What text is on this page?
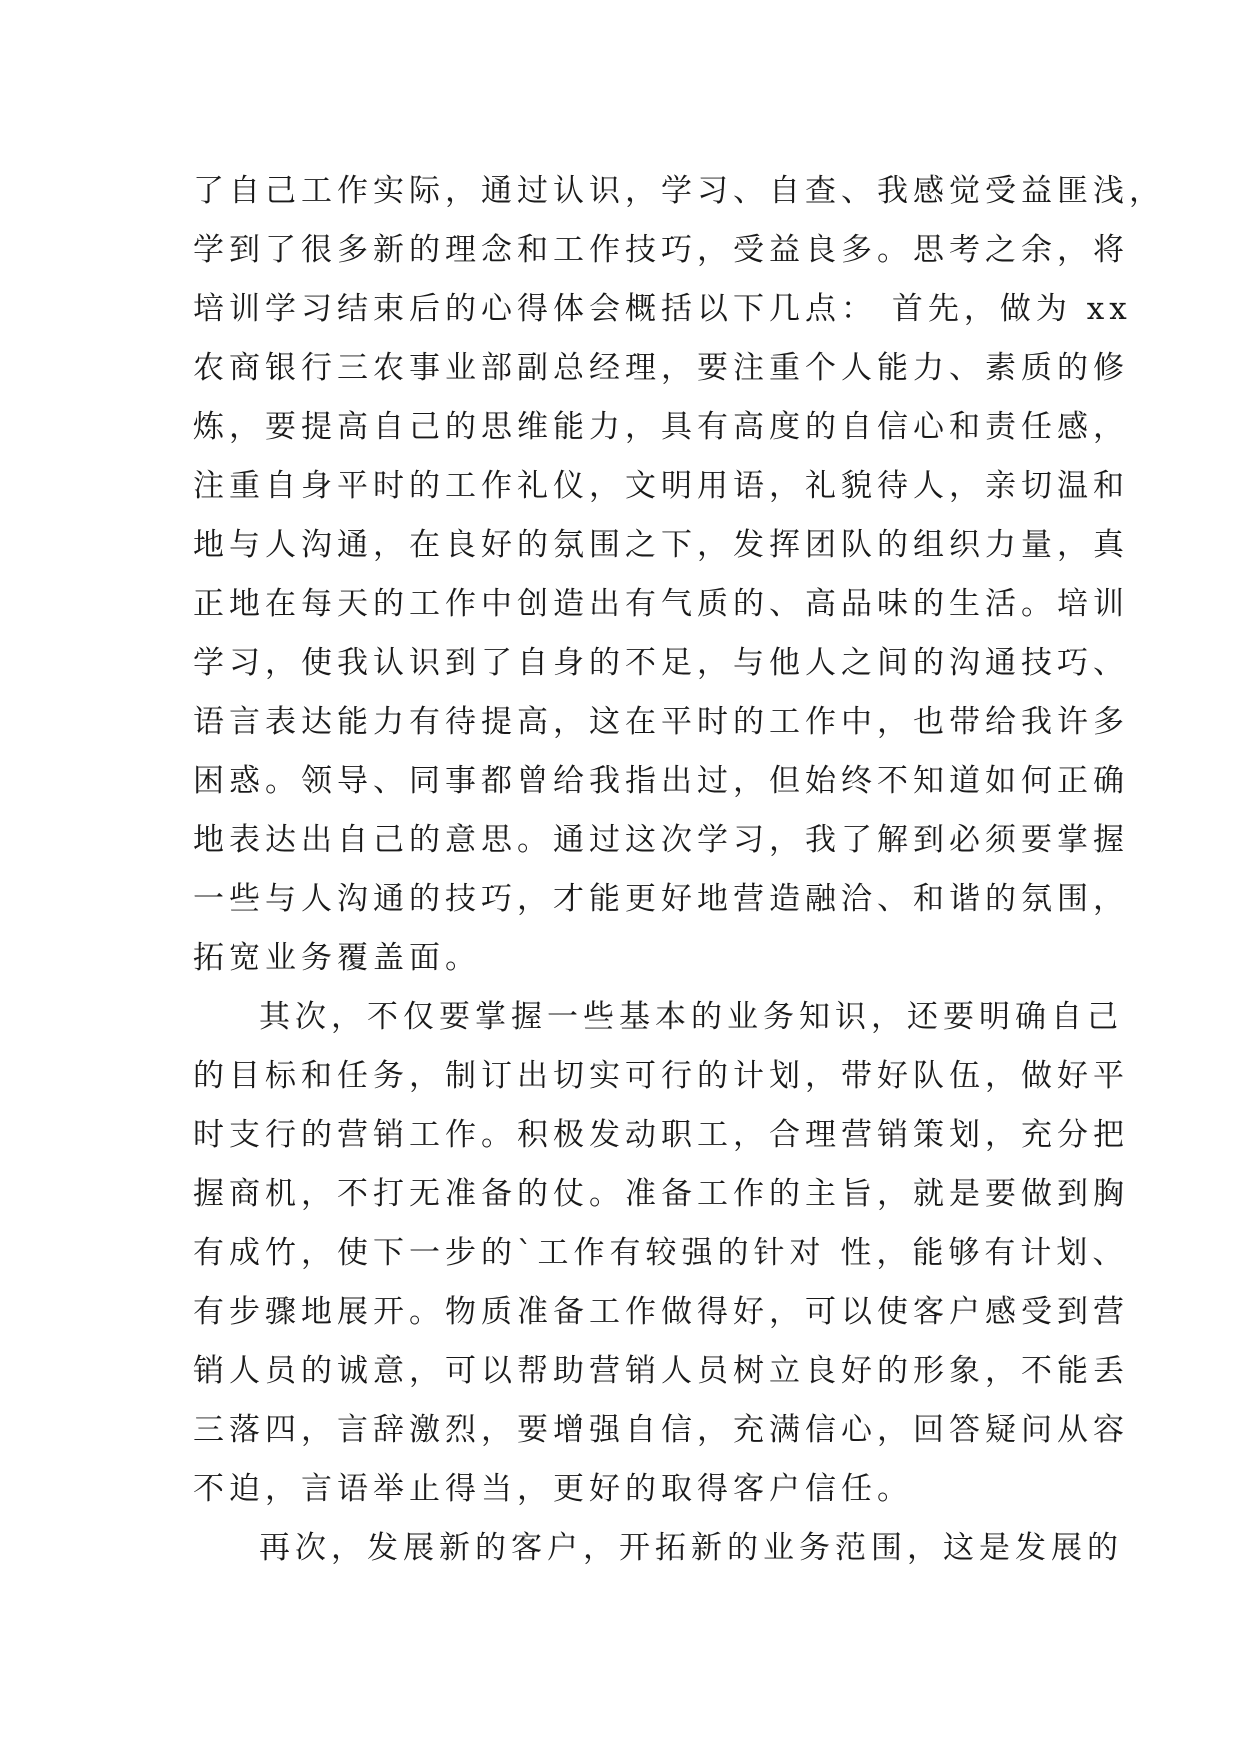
了自己工作实际，通过认识，学习、自查、我感觉受益匪浅，
学到了很多新的理念和工作技巧，受益良多。思考之余，将
培训学习结束后的心得体会概括以下几点： 首先，做为 xx
农商银行三农事业部副总经理，要注重个人能力、素质的修
炼，要提高自己的思维能力，具有高度的自信心和责任感，
注重自身平时的工作礼仪，文明用语，礼貌待人，亲切温和
地与人沟通，在良好的氛围之下，发挥团队的组织力量，真
正地在每天的工作中创造出有气质的、高品味的生活。培训
学习，使我认识到了自身的不足，与他人之间的沟通技巧、
语言表达能力有待提高，这在平时的工作中，也带给我许多
困惑。领导、同事都曾给我指出过，但始终不知道如何正确
地表达出自己的意思。通过这次学习，我了解到必须要掌握
一些与人沟通的技巧，才能更好地营造融洽、和谐的氛围，
拓宽业务覆盖面。
其次，不仅要掌握一些基本的业务知识，还要明确自己
的目标和任务，制订出切实可行的计划，带好队伍，做好平
时支行的营销工作。积极发动职工，合理营销策划，充分把
握商机，不打无准备的仗。准备工作的主旨，就是要做到胸
有成竹，使下一步的`工作有较强的针对 性，能够有计划、
有步骤地展开。物质准备工作做得好，可以使客户感受到营
销人员的诚意，可以帮助营销人员树立良好的形象，不能丢
三落四，言辞激烈，要增强自信，充满信心，回答疑问从容
不迫，言语举止得当，更好的取得客户信任。
再次，发展新的客户，开拓新的业务范围，这是发展的
